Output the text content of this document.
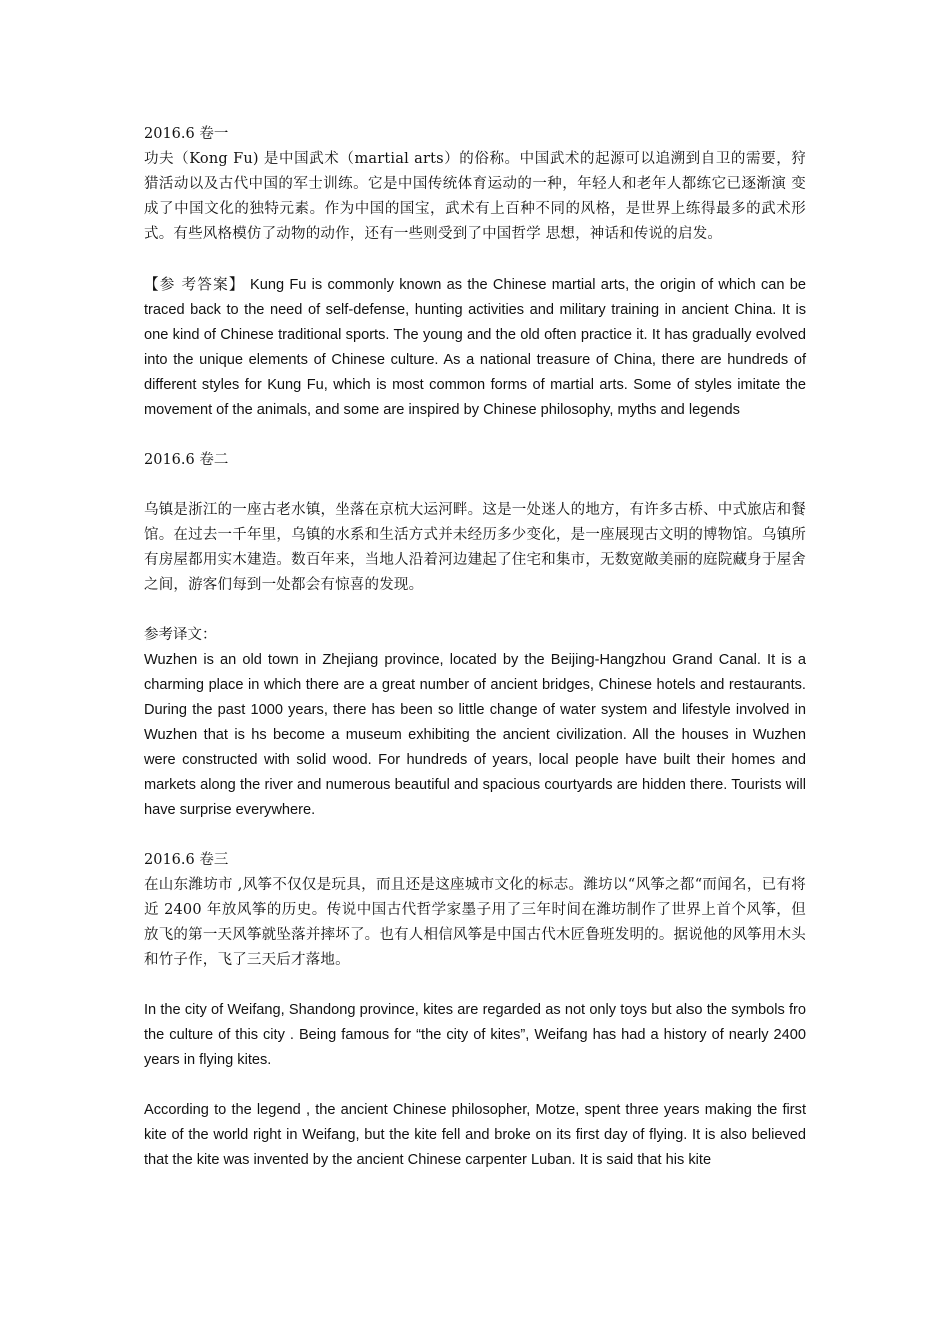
2016.6 卷一

功夫（Kong Fu) 是中国武术（martial arts）的俗称。中国武术的起源可以追溯到自卫的需要，狩猎活动以及古代中国的军士训练。它是中国传统体育运动的一种，年轻人和老年人都练它已逐渐演 变成了中国文化的独特元素。作为中国的国宝，武术有上百种不同的风格，是世界上练得最多的武术形式。有些风格模仿了动物的动作，还有一些则受到了中国哲学 思想，神话和传说的启发。

【参 考答案】 Kung Fu is commonly known as the Chinese martial arts, the origin of which can be traced back to the need of self-defense, hunting activities and military training in ancient China. It is one kind of Chinese traditional sports. The young and the old often practice it. It has gradually evolved into the unique elements of Chinese culture. As a national treasure of China, there are hundreds of different styles for Kung Fu, which is most common forms of martial arts. Some of styles imitate the movement of the animals, and some are inspired by Chinese philosophy, myths and legends

2016.6 卷二

乌镇是浙江的一座古老水镇，坐落在京杭大运河畔。这是一处迷人的地方，有许多古桥、中式旅店和餐馆。在过去一千年里，乌镇的水系和生活方式并未经历多少变化，是一座展现古文明的博物馆。乌镇所有房屋都用实木建造。数百年来，当地人沿着河边建起了住宅和集市，无数宽敞美丽的庭院藏身于屋舍之间，游客们每到一处都会有惊喜的发现。

参考译文：

Wuzhen is an old town in Zhejiang province, located by the Beijing-Hangzhou Grand Canal. It is a charming place in which there are a great number of ancient bridges, Chinese hotels and restaurants. During the past 1000 years, there has been so little change of water system and lifestyle involved in Wuzhen that is hs become a museum exhibiting the ancient civilization. All the houses in Wuzhen were constructed with solid wood. For hundreds of years, local people have built their homes and markets along the river and numerous beautiful and spacious courtyards are hidden there. Tourists will have surprise everywhere.

2016.6 卷三

在山东潍坊市 ,风筝不仅仅是玩具，而且还是这座城市文化的标志。潍坊以“风筝之都“而闻名，已有将近 2400 年放风筝的历史。传说中国古代哲学家墨子用了三年时间在潍坊制作了世界上首个风筝，但放飞的第一天风筝就坠落并摔坏了。也有人相信风筝是中国古代木匠鲁班发明的。据说他的风筝用木头和竹子作，飞了三天后才落地。

In the city of Weifang, Shandong province, kites are regarded as not only toys but also the symbols fro the culture of this city . Being famous for “the city of kites”, Weifang has had a history of nearly 2400 years in flying kites.

According to the legend , the ancient Chinese philosopher, Motze, spent three years making the first kite of the world right in Weifang, but the kite fell and broke on its first day of flying. It is also believed that the kite was invented by the ancient Chinese carpenter Luban. It is said that his kite
